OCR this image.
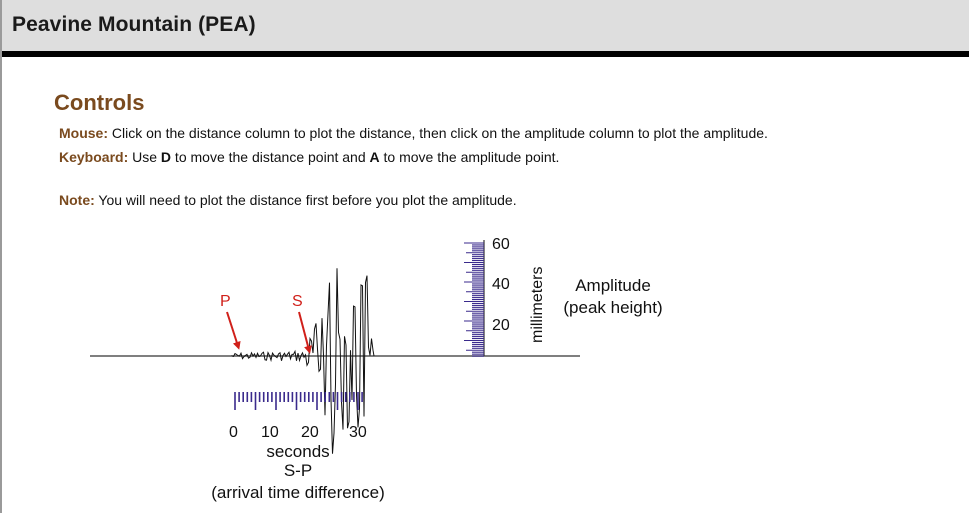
Peavine Mountain (PEA)
Controls
Mouse: Click on the distance column to plot the distance, then click on the amplitude column to plot the amplitude.
Keyboard: Use D to move the distance point and A to move the amplitude point.
Note: You will need to plot the distance first before you plot the amplitude.
P	S
0 10 20 30
seconds
S-P
(arrival time difference)
60
40
20 millimeters Amplitude
(peak height)
